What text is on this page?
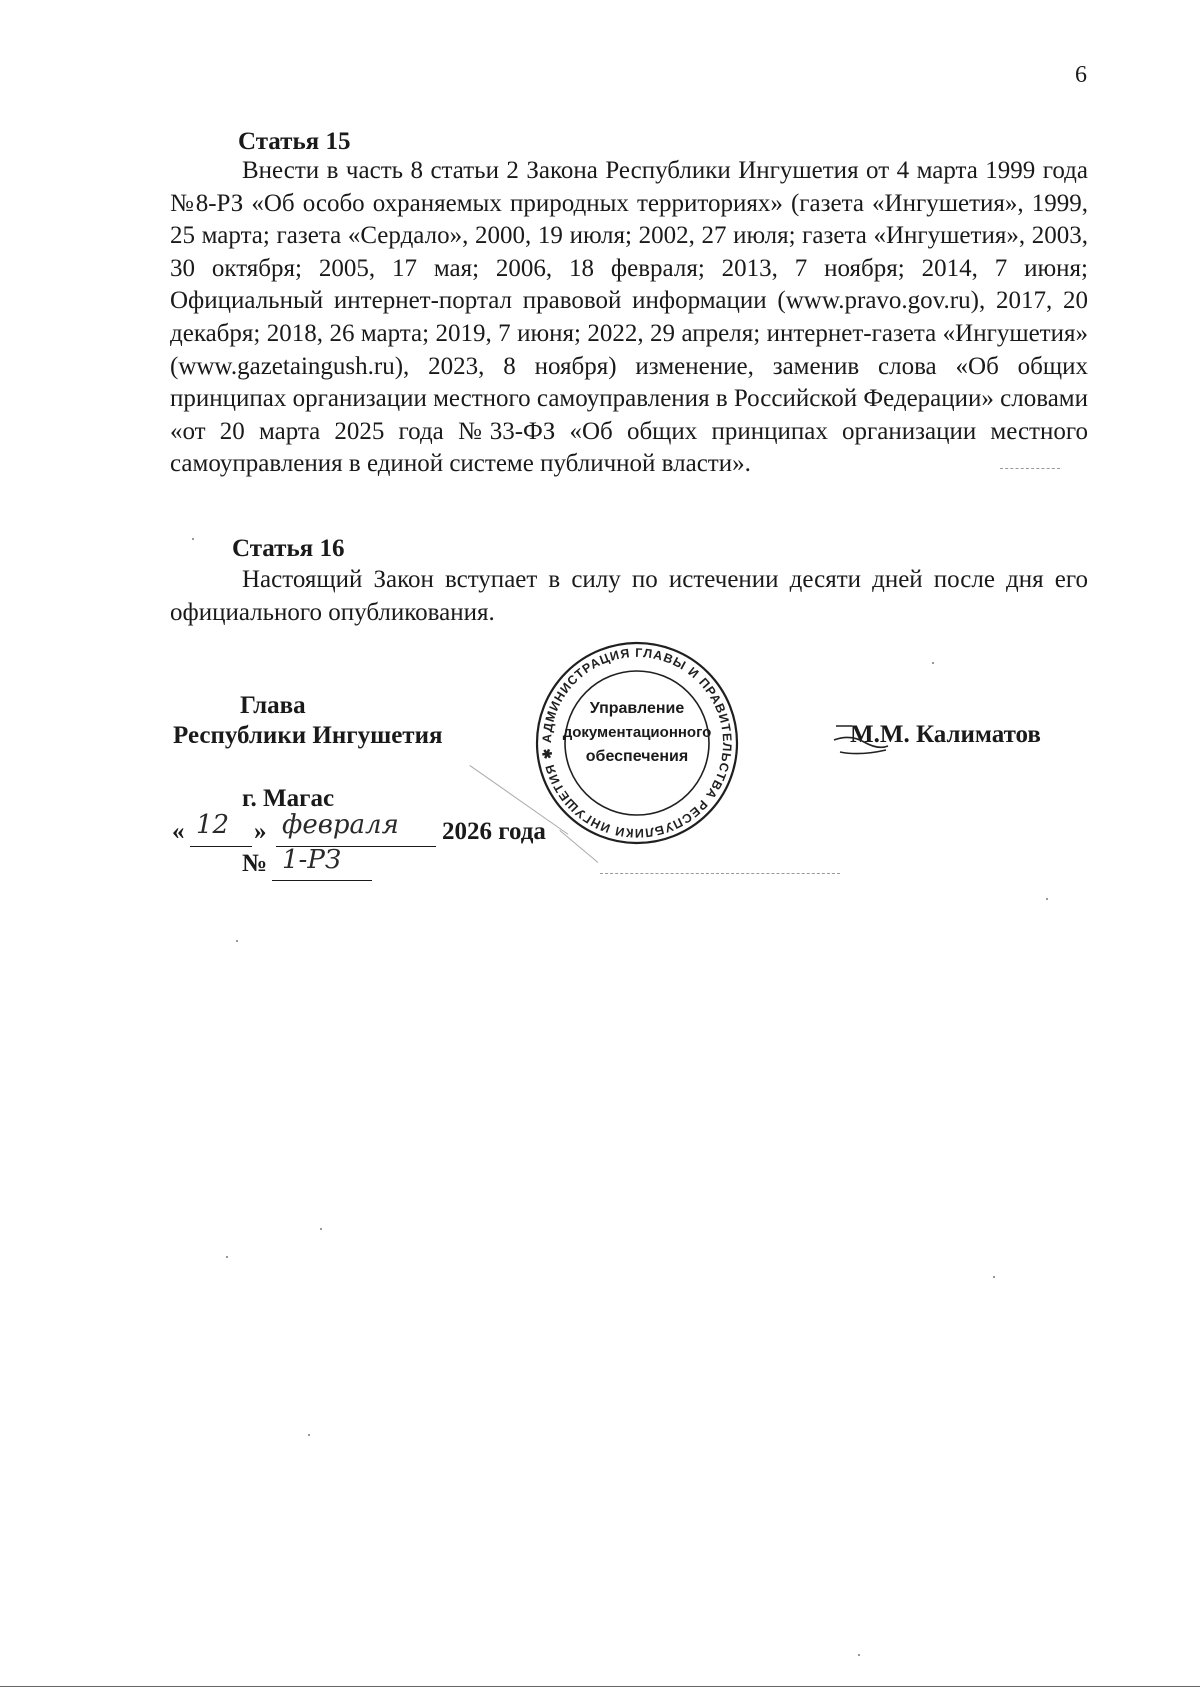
6
Статья 15
Внести в часть 8 статьи 2 Закона Республики Ингушетия от 4 марта 1999 года №8-РЗ «Об особо охраняемых природных территориях» (газета «Ингушетия», 1999, 25 марта; газета «Сердало», 2000, 19 июля; 2002, 27 июля; газета «Ингушетия», 2003, 30 октября; 2005, 17 мая; 2006, 18 февраля; 2013, 7 ноября; 2014, 7 июня; Официальный интернет-портал правовой информации (www.pravo.gov.ru), 2017, 20 декабря; 2018, 26 марта; 2019, 7 июня; 2022, 29 апреля; интернет-газета «Ингушетия» (www.gazetaingush.ru), 2023, 8 ноября) изменение, заменив слова «Об общих принципах организации местного самоуправления в Российской Федерации» словами «от 20 марта 2025 года №33-ФЗ «Об общих принципах организации местного самоуправления в единой системе публичной власти».
Статья 16
Настоящий Закон вступает в силу по истечении десяти дней после дня его официального опубликования.
Глава
Республики Ингушетия	М.М. Калиматов
г. Магас
« 12 » февраля 2026 года
№ 1-РЗ
АДМИНИСТРАЦИЯ ГЛАВЫ И ПРАВИТЕЛЬСТВА РЕСПУБЛИКИ ИНГУШЕТИЯ ✱
Управление
документационного
обеспечения
